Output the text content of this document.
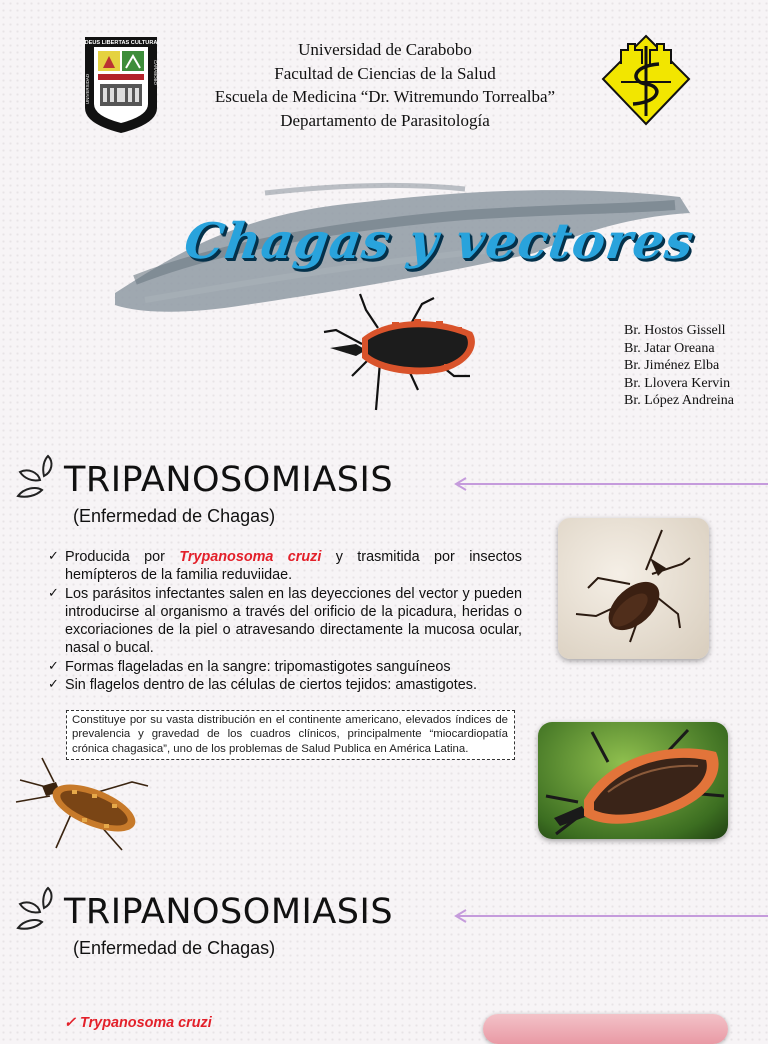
DEUS LIBERTAS CULTURA
UNIVERSIDAD
CARABOBO
Universidad de Carabobo
Facultad de Ciencias de la Salud
Escuela de Medicina “Dr. Witremundo Torrealba”
Departamento de Parasitología
Chagas y vectores
Br. Hostos Gissell
Br. Jatar Oreana
Br. Jiménez Elba
Br. Llovera Kervin
Br. López Andreina
TRIPANOSOMIASIS
(Enfermedad de Chagas)
✓ Producida por Trypanosoma cruzi y trasmitida por insectos hemípteros de la familia reduviidae.
✓ Los parásitos infectantes salen en las deyecciones del vector y pueden introducirse al organismo a través del orificio de la picadura, heridas o excoriaciones de la piel o atravesando directamente la mucosa ocular, nasal o bucal.
✓ Formas flageladas en la sangre: tripomastigotes sanguíneos
✓ Sin flagelos dentro de las células de ciertos tejidos: amastigotes.
Constituye por su vasta distribución en el continente americano, elevados índices de prevalencia y gravedad de los cuadros clínicos, principalmente “miocardiopatía crónica chagasica”, uno de los problemas de Salud Publica en América Latina.
TRIPANOSOMIASIS
(Enfermedad de Chagas)
✓ Trypanosoma cruzi
